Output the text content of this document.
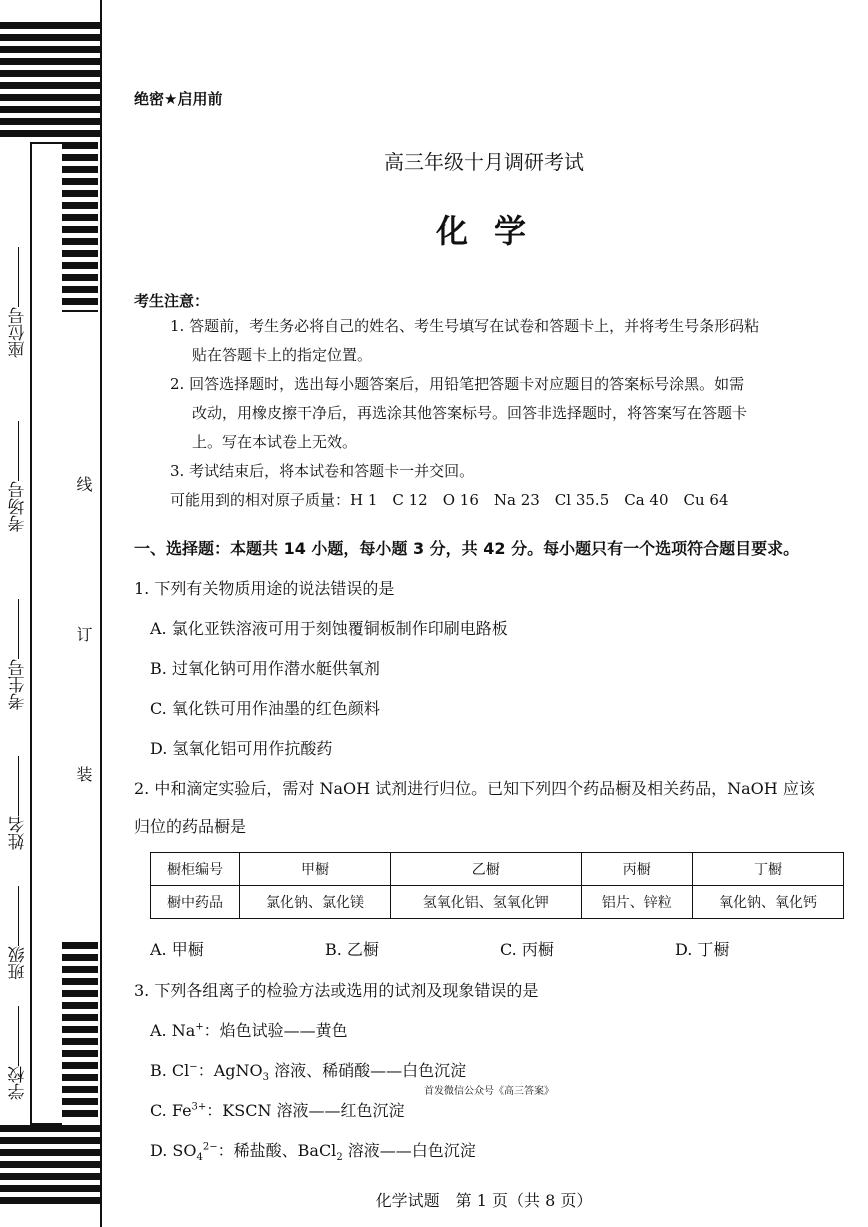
座位号
考场号
考生号
姓名
班级
学校
线
订
装
绝密★启用前
高三年级十月调研考试
化学
考生注意：
1. 答题前，考生务必将自己的姓名、考生号填写在试卷和答题卡上，并将考生号条形码粘
贴在答题卡上的指定位置。
2. 回答选择题时，选出每小题答案后，用铅笔把答题卡对应题目的答案标号涂黑。如需
改动，用橡皮擦干净后，再选涂其他答案标号。回答非选择题时，将答案写在答题卡
上。写在本试卷上无效。
3. 考试结束后，将本试卷和答题卡一并交回。
可能用到的相对原子质量：H 1　C 12　O 16　Na 23　Cl 35.5　Ca 40　Cu 64
一、选择题：本题共 14 小题，每小题 3 分，共 42 分。每小题只有一个选项符合题目要求。
1. 下列有关物质用途的说法错误的是
A. 氯化亚铁溶液可用于刻蚀覆铜板制作印刷电路板
B. 过氧化钠可用作潜水艇供氧剂
C. 氧化铁可用作油墨的红色颜料
D. 氢氧化铝可用作抗酸药
2. 中和滴定实验后，需对 NaOH 试剂进行归位。已知下列四个药品橱及相关药品，NaOH 应该
归位的药品橱是
橱柜编号	甲橱	乙橱	丙橱	丁橱
橱中药品	氯化钠、氯化镁	氢氧化铝、氢氧化钾	铝片、锌粒	氧化钠、氧化钙
A. 甲橱	B. 乙橱	C. 丙橱	D. 丁橱
3. 下列各组离子的检验方法或选用的试剂及现象错误的是
A. Na+：焰色试验——黄色
B. Cl−：AgNO$_3$ 溶液、稀硝酸——白色沉淀
首发微信公众号《高三答案》
C. $Fe^{3+}$：KSCN 溶液——红色沉淀
D. $SO_4^{2-}$：稀盐酸、BaCl$_2$ 溶液——白色沉淀
化学试题　第 1 页（共 8 页）
